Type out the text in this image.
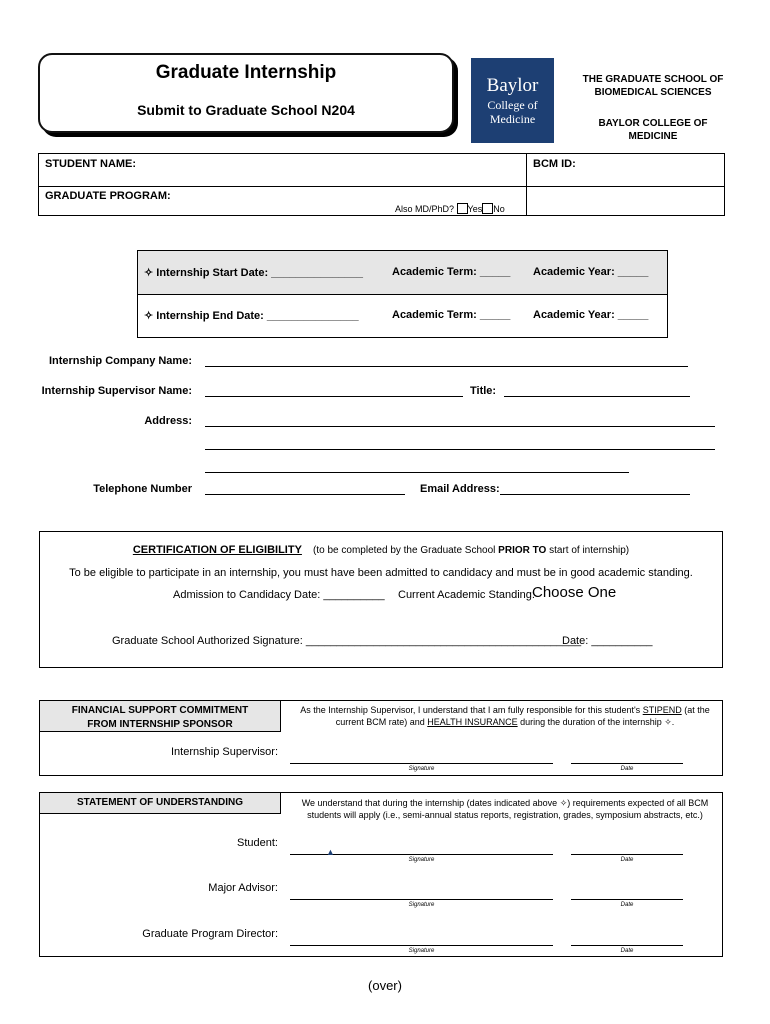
Graduate Internship
Submit to Graduate School N204
Baylor
College of
Medicine
THE GRADUATE SCHOOL OF
BIOMEDICAL SCIENCES
BAYLOR COLLEGE OF
MEDICINE
STUDENT NAME:	BCM ID:
GRADUATE PROGRAM:
Also MD/PhD? Yes No
✧ Internship Start Date: _______________	Academic Term: _____ Academic Year: _____
✧ Internship End Date: _______________	Academic Term: _____ Academic Year: _____
Internship Company Name:
Internship Supervisor Name:	Title:
Address:
Telephone Number	Email Address:
CERTIFICATION OF ELIGIBILITY (to be completed by the Graduate School PRIOR TO start of internship)
To be eligible to participate in an internship, you must have been admitted to candidacy and must be in good academic standing.
Admission to Candidacy Date: __________ Current Academic Standing:
Choose One
Graduate School Authorized Signature: _____________________________________________
Date: __________
FINANCIAL SUPPORT COMMITMENT
FROM INTERNSHIP SPONSOR
As the Internship Supervisor, I understand that I am fully responsible for this student's STIPEND (at the current BCM rate) and HEALTH INSURANCE during the duration of the internship ✧.
Internship Supervisor:
Signature	Date
STATEMENT OF UNDERSTANDING	We understand that during the internship (dates indicated above ✧) requirements expected of all BCM students will apply (i.e., semi-annual status reports, registration, grades, symposium abstracts, etc.)
Student:
▲
Signature	Date
Major Advisor:
Signature	Date
Graduate Program Director:
Signature	Date
(over)
